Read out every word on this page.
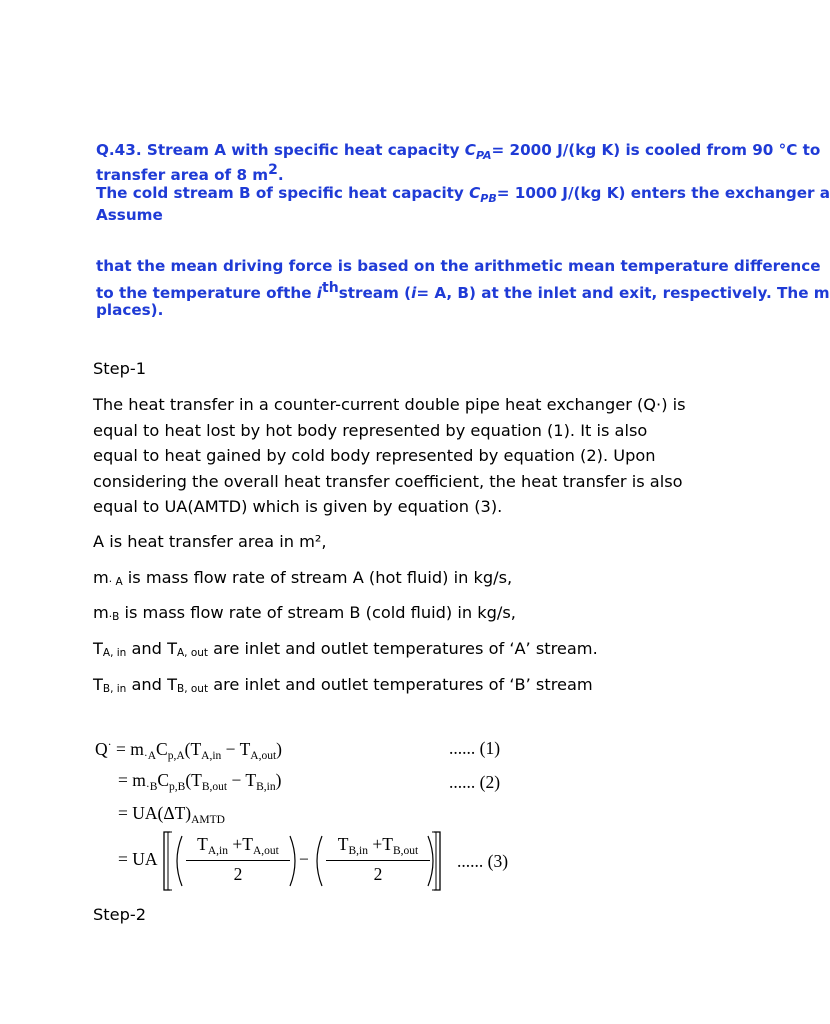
Q.43. Stream A with specific heat capacity $C_{PA}= 2000$ J/(kg K) is cooled from 90 °C to
transfer area of 8 $m^2$.
The cold stream B of specific heat capacity $C_{PB}= 1000$ J/(kg K) enters the exchanger a
Assume
that the mean driving force is based on the arithmetic mean temperature difference
to the temperature ofthe $i^{th}stream$ (i= A, B) at the inlet and exit, respectively. The m
places).
Step-1
The heat transfer in a counter-current double pipe heat exchanger (Q·) is equal to heat lost by hot body represented by equation (1). It is also equal to heat gained by cold body represented by equation (2). Upon considering the overall heat transfer coefficient, the heat transfer is also equal to UA(AMTD) which is given by equation (3).
A is heat transfer area in m²,
$m_{\cdot A}$ is mass flow rate of stream A (hot fluid) in kg/s,
$m_{\cdot B}$ is mass flow rate of stream B (cold fluid) in kg/s,
$T_{A, in}$ and $T_{A, out}$ are inlet and outlet temperatures of ‘A’ stream.
$T_{B, in}$ and $T_{B, out}$ are inlet and outlet temperatures of ‘B’ stream
$Q^\cdot = m_{\cdot A}C_{p,A}(T_{A,in} - T_{A,out})$	...... (1)
= $m_{\cdot B}C_{p,B}(T_{B,out} - T_{B,in})$	...... (2)
= $UA(\Delta T)_{AMTD}$
= UA
$T_{A,in} +T_{A,out}$
2
−
$T_{B,in} +T_{B,out}$
2
...... (3)
Step-2
